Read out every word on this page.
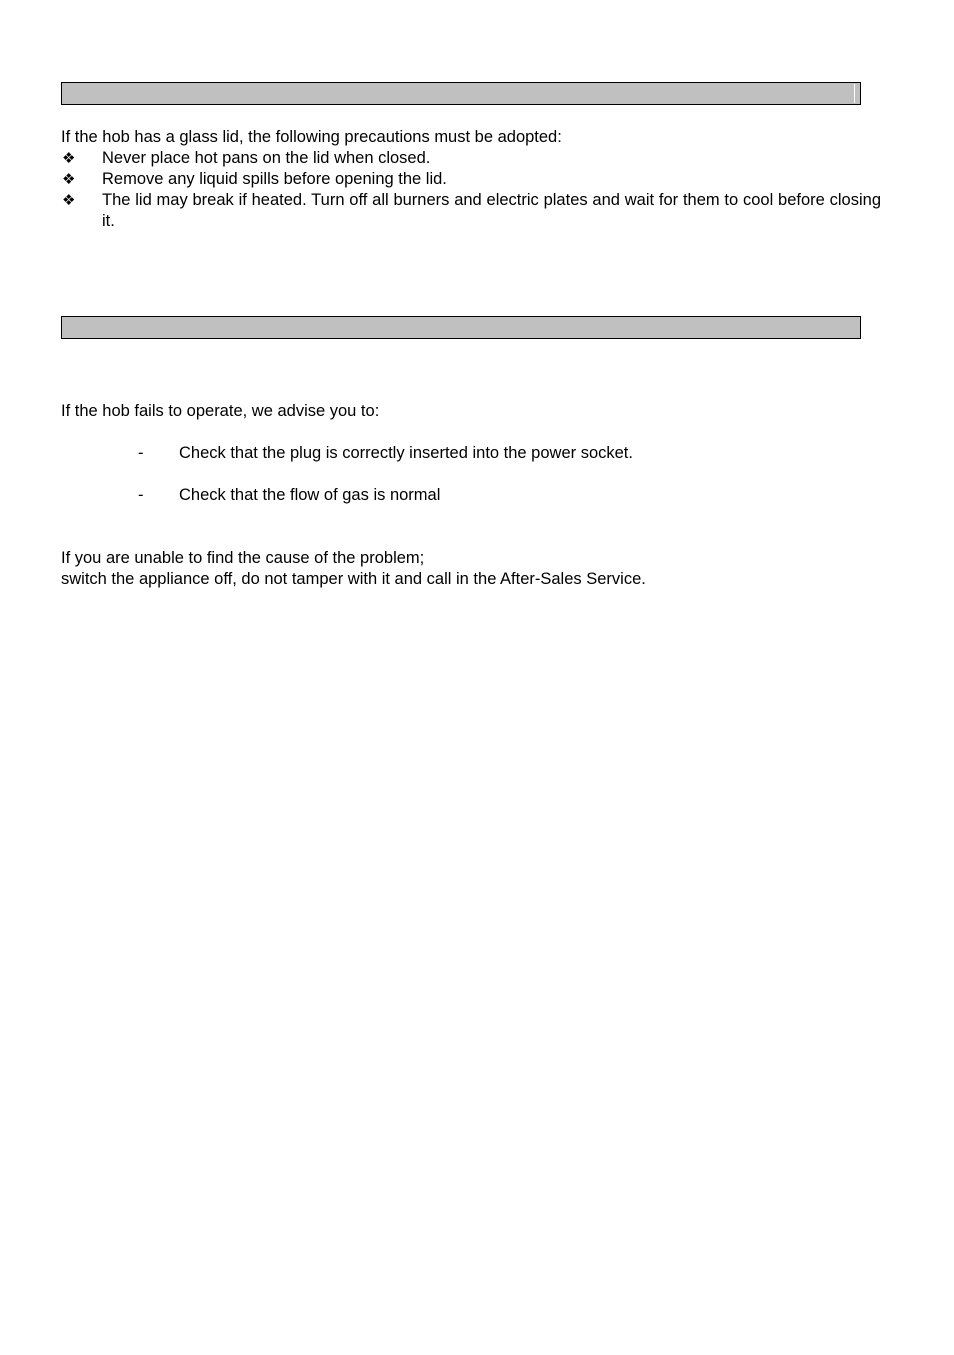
If the hob has a glass lid, the following precautions must be adopted:
❖	Never place hot pans on the lid when closed.
❖	Remove any liquid spills before opening the lid.
❖	The lid may break if heated. Turn off all burners and electric plates and wait for them to cool before closing it.
If the hob fails to operate, we advise you to:
- Check that the plug is correctly inserted into the power socket.
- Check that the flow of gas is normal
If you are unable to find the cause of the problem;
switch the appliance off, do not tamper with it and call in the After-Sales Service.
